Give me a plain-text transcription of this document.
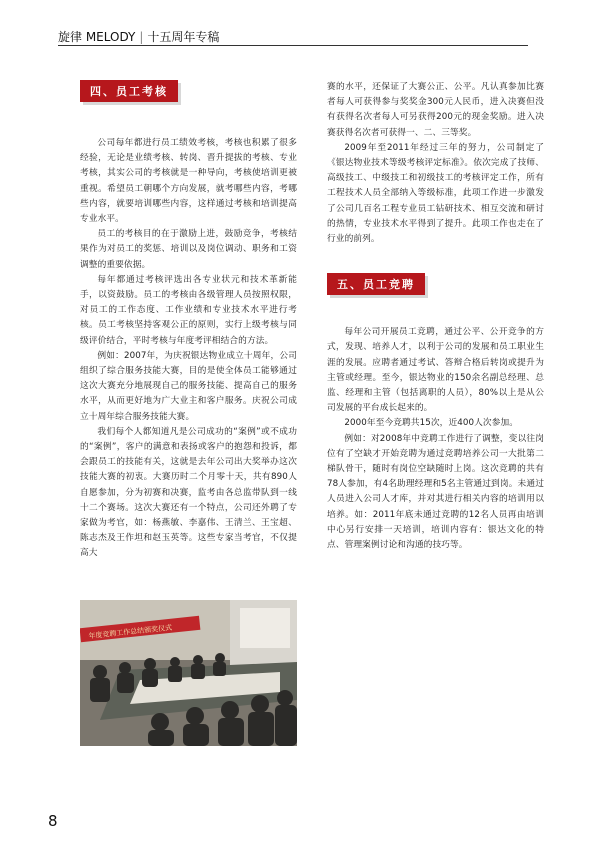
旋律 MELODY | 十五周年专稿
四、员工考核

公司每年都进行员工绩效考核，考核也积累了很多经验，无论是业绩考核、转岗、晋升提拔的考核、专业考核，其实公司的考核就是一种导向，考核使培训更被重视。希望员工朝哪个方向发展，就考哪些内容，考哪些内容，就要培训哪些内容，这样通过考核和培训提高专业水平。

员工的考核目的在于激励上进，鼓励竞争，考核结果作为对员工的奖惩、培训以及岗位调动、职务和工资调整的重要依据。

每年都通过考核评选出各专业状元和技术革新能手，以资鼓励。员工的考核由各级管理人员按照权限，对员工的工作态度、工作业绩和专业技术水平进行考核。员工考核坚持客观公正的原则，实行上级考核与同级评价结合，平时考核与年度考评相结合的方法。

例如：2007年，为庆祝银达物业成立十周年，公司组织了综合服务技能大赛，目的是使全体员工能够通过这次大赛充分地展现自己的服务技能、提高自己的服务水平，从而更好地为广大业主和客户服务。庆祝公司成立十周年综合服务技能大赛。

我们每个人都知道凡是公司成功的“案例”或不成功的“案例”，客户的满意和表扬或客户的抱怨和投诉，都会跟员工的技能有关，这就是去年公司出大奖举办这次技能大赛的初衷。大赛历时二个月零十天，共有890人自愿参加，分为初赛和决赛，监考由各总监带队到一线十二个赛场。这次大赛还有一个特点，公司还外聘了专家做为考官，如：杨燕敏、李嘉伟、王清兰、王宝超、陈志杰及王作坦和赵玉英等。这些专家当考官，不仅提高大

年度竞聘工作总结颁奖仪式

赛的水平，还保证了大赛公正、公平。凡认真参加比赛者每人可获得参与奖奖金300元人民币，进入决赛但没有获得名次者每人可另获得200元的现金奖励。进入决赛获得名次者可获得一、二、三等奖。

2009年至2011年经过三年的努力，公司制定了《银达物业技术等级考核评定标准》。依次完成了技师、高级技工、中级技工和初级技工的考核评定工作，所有工程技术人员全部纳入等级标准，此项工作进一步激发了公司几百名工程专业员工钻研技术、相互交流和研讨的热情，专业技术水平得到了提升。此项工作也走在了行业的前列。

五、员工竞聘

每年公司开展员工竞聘，通过公平、公开竞争的方式，发现、培养人才，以利于公司的发展和员工职业生涯的发展。应聘者通过考试、答辩合格后转岗或提升为主管或经理。至今，银达物业的150余名副总经理、总监、经理和主管（包括离职的人员），80%以上是从公司发展的平台成长起来的。

2000年至今竞聘共15次，近400人次参加。

例如：对2008年中竞聘工作进行了调整，变以往岗位有了空缺才开始竞聘为通过竞聘培养公司一大批第二梯队骨干，随时有岗位空缺随时上岗。这次竞聘的共有78人参加，有4名助理经理和5名主管通过到岗。未通过人员进入公司人才库，并对其进行相关内容的培训用以培养。如：2011年底未通过竞聘的12名人员再由培训中心另行安排一天培训，培训内容有：银达文化的特点、管理案例讨论和沟通的技巧等。

8
